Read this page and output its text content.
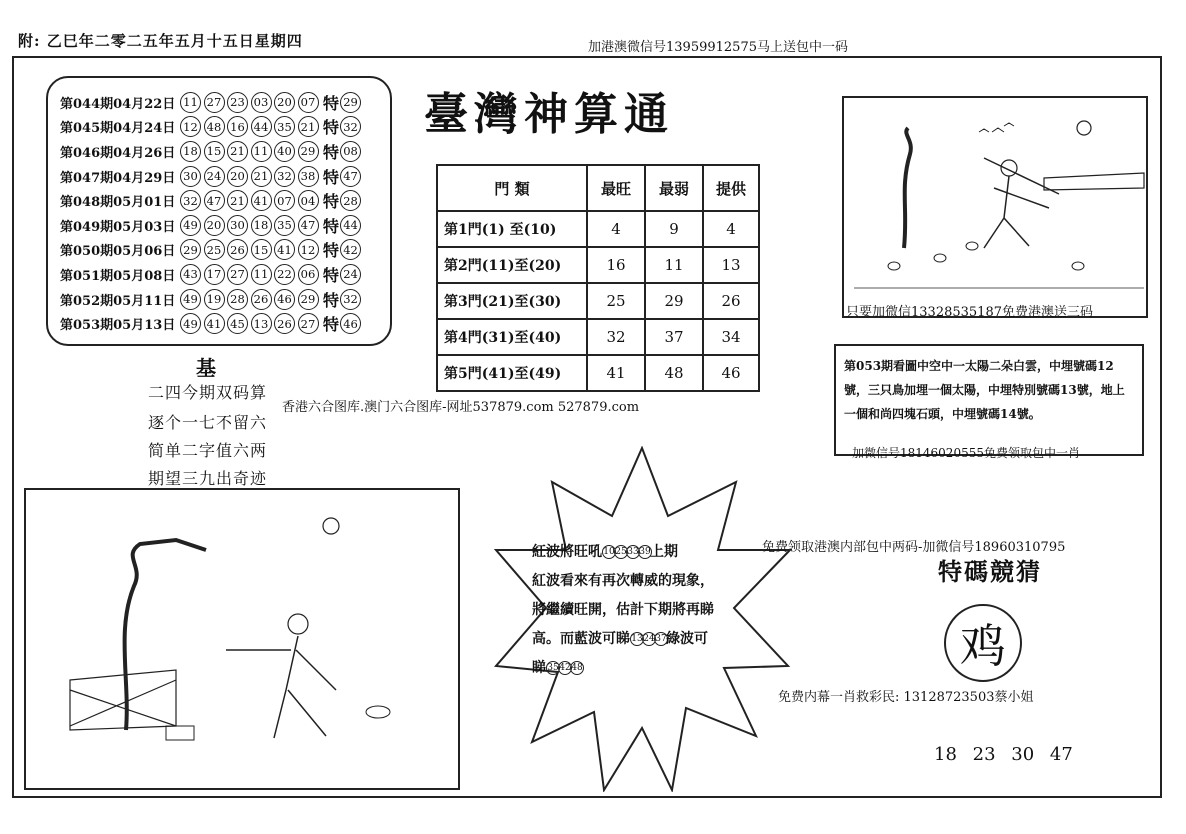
附: 乙巳年二零二五年五月十五日星期四	加港澳微信号13959912575马上送包中一码
第044期04月22日 11 27 23 03 20 07 特 29
第045期04月24日 12 48 16 44 35 21 特 32
第046期04月26日 18 15 21 11 40 29 特 08
第047期04月29日 30 24 20 21 32 38 特 47
第048期05月01日 32 47 21 41 07 04 特 28
第049期05月03日 49 20 30 18 35 47 特 44
第050期05月06日 29 25 26 15 41 12 特 42
第051期05月08日 43 17 27 11 22 06 特 24
第052期05月11日 49 19 28 26 46 29 特 32
第053期05月13日 49 41 45 13 26 27 特 46
臺灣神算通
門 類	最旺	最弱	提供
第1門(1) 至(10)	4	9	4
第2門(11)至(20)	16	11	13
第3門(21)至(30)	25	29	26
第4門(31)至(40)	32	37	34
第5門(41)至(49)	41	48	46
基
二四今期双码算
逐个一七不留六
简单二字值六两
期望三九出奇迹
香港六合图库.澳门六合图库-网址537879.com 527879.com
只要加微信13328535187免费港澳送三码
第053期看圖中空中一太陽二朵白雲，中埋號碼12號，三只鳥加埋一個太陽，中埋特別號碼13號，地上一個和尚四塊石頭，中埋號碼14號。
加微信号18146020555免费领取包中一肖
紅波將旺吼10253339上期
紅波看來有再次轉威的現象，
將繼續旺開，估計下期將再睇
高。而藍波可睇132437綠波可
睇354248
免费领取港澳内部包中两码-加微信号18960310795
特碼競猜
鸡
免费内幕一肖救彩民: 13128723503蔡小姐
18 23 30 47
